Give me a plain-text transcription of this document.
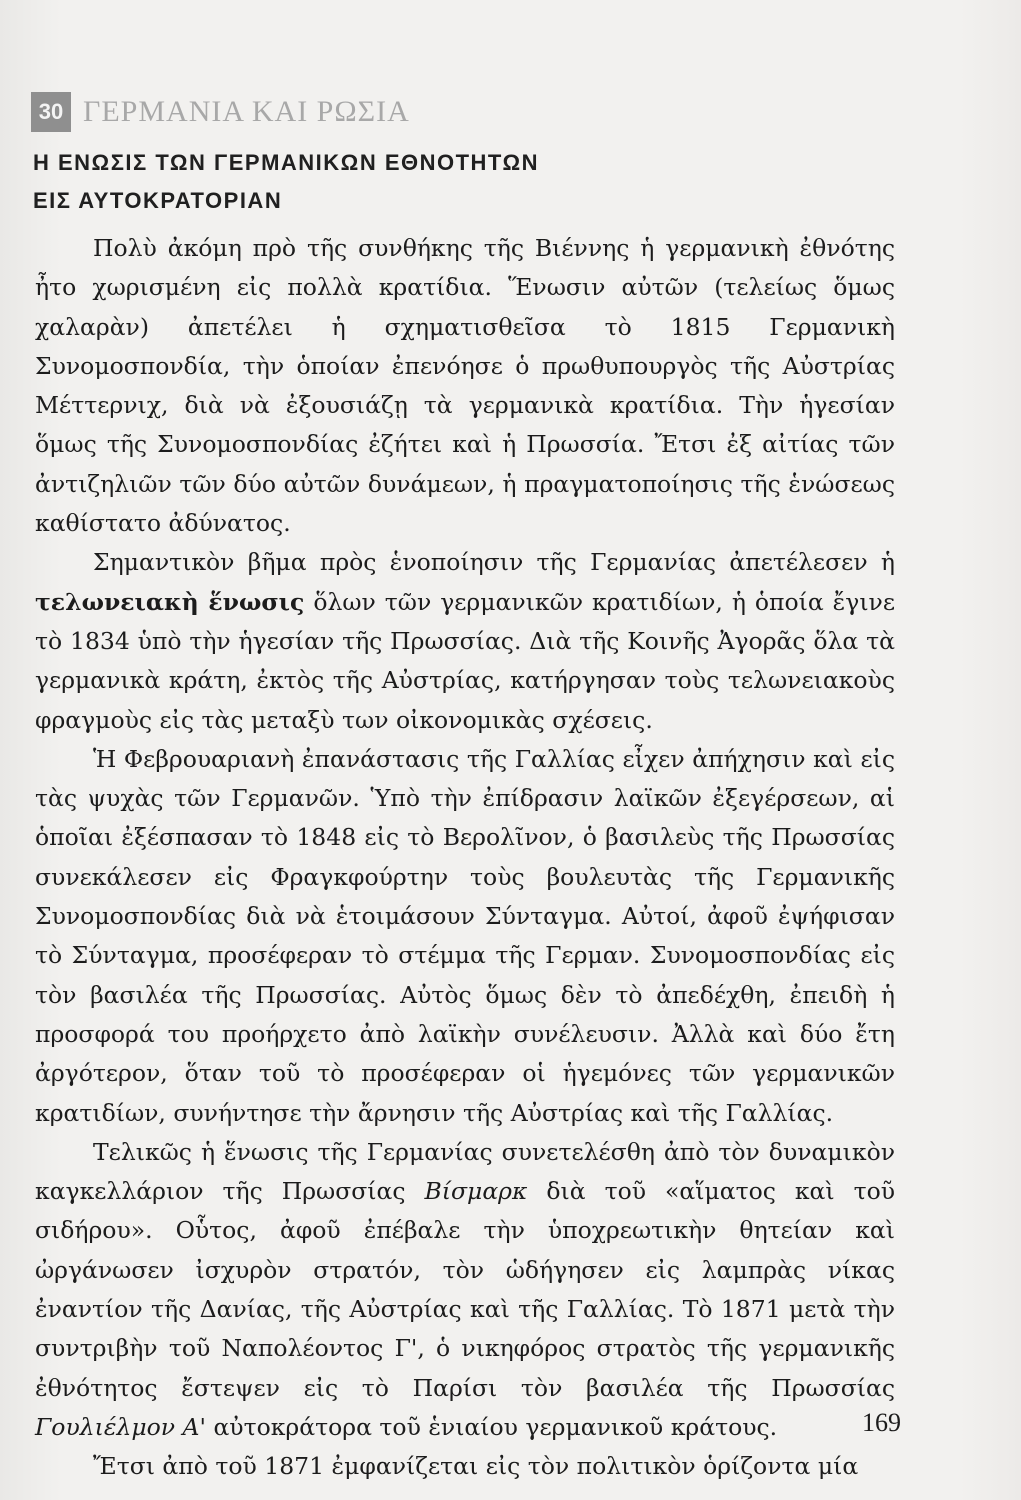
30 ΓΕΡΜΑΝΙΑ ΚΑΙ ΡΩΣΙΑ
Η ΕΝΩΣΙΣ ΤΩΝ ΓΕΡΜΑΝΙΚΩΝ ΕΘΝΟΤΗΤΩΝ
ΕΙΣ ΑΥΤΟΚΡΑΤΟΡΙΑΝ

Πολὺ ἀκόμη πρὸ τῆς συνθήκης τῆς Βιέννης ἡ γερμανικὴ ἐθνότης ἦτο χωρισμένη εἰς πολλὰ κρατίδια. Ἕνωσιν αὐτῶν (τελείως ὅμως χαλαρὰν) ἀπετέλει ἡ σχηματισθεῖσα τὸ 1815 Γερμανικὴ Συνομοσπονδία, τὴν ὁποίαν ἐπενόησε ὁ πρωθυπουργὸς τῆς Αὐστρίας Μέττερνιχ, διὰ νὰ ἐξουσιάζῃ τὰ γερμανικὰ κρατίδια. Τὴν ἡγεσίαν ὅμως τῆς Συνομοσπονδίας ἐζήτει καὶ ἡ Πρωσσία. Ἔτσι ἐξ αἰτίας τῶν ἀντιζηλιῶν τῶν δύο αὐτῶν δυνάμεων, ἡ πραγματοποίησις τῆς ἑνώσεως καθίστατο ἀδύνατος.

Σημαντικὸν βῆμα πρὸς ἑνοποίησιν τῆς Γερμανίας ἀπετέλεσεν ἡ τελωνειακὴ ἕνωσις ὅλων τῶν γερμανικῶν κρατιδίων, ἡ ὁποία ἔγινε τὸ 1834 ὑπὸ τὴν ἡγεσίαν τῆς Πρωσσίας. Διὰ τῆς Κοινῆς Ἀγορᾶς ὅλα τὰ γερμανικὰ κράτη, ἐκτὸς τῆς Αὐστρίας, κατήργησαν τοὺς τελωνειακοὺς φραγμοὺς εἰς τὰς μεταξὺ των οἰκονομικὰς σχέσεις.

Ἡ Φεβρουαριανὴ ἐπανάστασις τῆς Γαλλίας εἶχεν ἀπήχησιν καὶ εἰς τὰς ψυχὰς τῶν Γερμανῶν. Ὑπὸ τὴν ἐπίδρασιν λαϊκῶν ἐξεγέρσεων, αἱ ὁποῖαι ἐξέσπασαν τὸ 1848 εἰς τὸ Βερολῖνον, ὁ βασιλεὺς τῆς Πρωσσίας συνεκάλεσεν εἰς Φραγκφούρτην τοὺς βουλευτὰς τῆς Γερμανικῆς Συνομοσπονδίας διὰ νὰ ἑτοιμάσουν Σύνταγμα. Αὐτοί, ἀφοῦ ἐψήφισαν τὸ Σύνταγμα, προσέφεραν τὸ στέμμα τῆς Γερμαν. Συνομοσπονδίας εἰς τὸν βασιλέα τῆς Πρωσσίας. Αὐτὸς ὅμως δὲν τὸ ἀπεδέχθη, ἐπειδὴ ἡ προσφορά του προήρχετο ἀπὸ λαϊκὴν συνέλευσιν. Ἀλλὰ καὶ δύο ἔτη ἀργότερον, ὅταν τοῦ τὸ προσέφεραν οἱ ἡγεμόνες τῶν γερμανικῶν κρατιδίων, συνήντησε τὴν ἄρνησιν τῆς Αὐστρίας καὶ τῆς Γαλλίας.

Τελικῶς ἡ ἕνωσις τῆς Γερμανίας συνετελέσθη ἀπὸ τὸν δυναμικὸν καγκελλάριον τῆς Πρωσσίας Βίσμαρκ διὰ τοῦ «αἵματος καὶ τοῦ σιδήρου». Οὗτος, ἀφοῦ ἐπέβαλε τὴν ὑποχρεωτικὴν θητείαν καὶ ὠργάνωσεν ἰσχυρὸν στρατόν, τὸν ὡδήγησεν εἰς λαμπρὰς νίκας ἐναντίον τῆς Δανίας, τῆς Αὐστρίας καὶ τῆς Γαλλίας. Τὸ 1871 μετὰ τὴν συντριβὴν τοῦ Ναπολέοντος Γ', ὁ νικηφόρος στρατὸς τῆς γερμανικῆς ἐθνότητος ἔστεψεν εἰς τὸ Παρίσι τὸν βασιλέα τῆς Πρωσσίας Γουλιέλμον Α' αὐτοκράτορα τοῦ ἑνιαίου γερμανικοῦ κράτους.

Ἔτσι ἀπὸ τοῦ 1871 ἐμφανίζεται εἰς τὸν πολιτικὸν ὁρίζοντα μία

169
